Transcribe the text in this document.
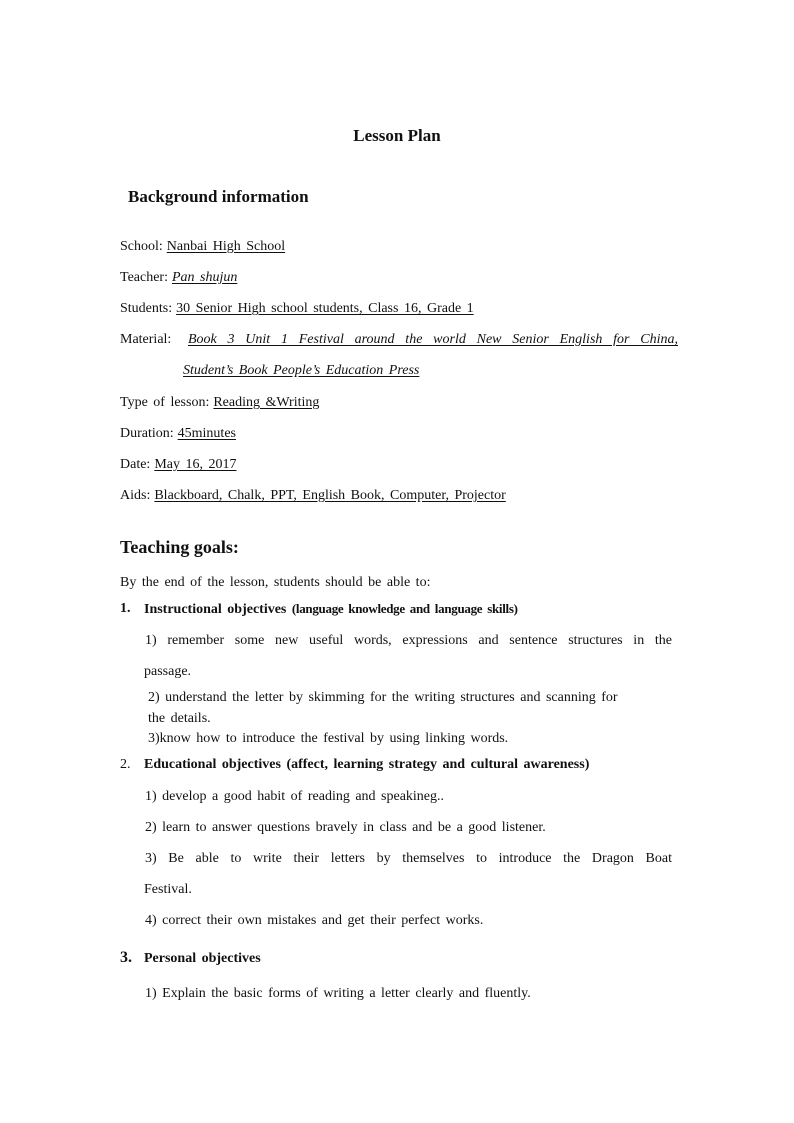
Lesson Plan
Background information
School: Nanbai High School
Teacher: Pan shujun
Students: 30 Senior High school students, Class 16, Grade 1
Material: Book 3 Unit 1 Festival around the world New Senior English for China,
Student’s Book People’s Education Press
Type of lesson: Reading &Writing
Duration: 45minutes
Date: May 16, 2017
Aids: Blackboard, Chalk, PPT, English Book, Computer, Projector
Teaching goals:
By the end of the lesson, students should be able to:
1. Instructional objectives (language knowledge and language skills)
1) remember some new useful words, expressions and sentence structures in the
passage.
2) understand the letter by skimming for the writing structures and scanning for
the details.
3)know how to introduce the festival by using linking words.
2. Educational objectives (affect, learning strategy and cultural awareness)
1) develop a good habit of reading and speakineg..
2) learn to answer questions bravely in class and be a good listener.
3) Be able to write their letters by themselves to introduce the Dragon Boat
Festival.
4) correct their own mistakes and get their perfect works.
3. Personal objectives
1) Explain the basic forms of writing a letter clearly and fluently.
